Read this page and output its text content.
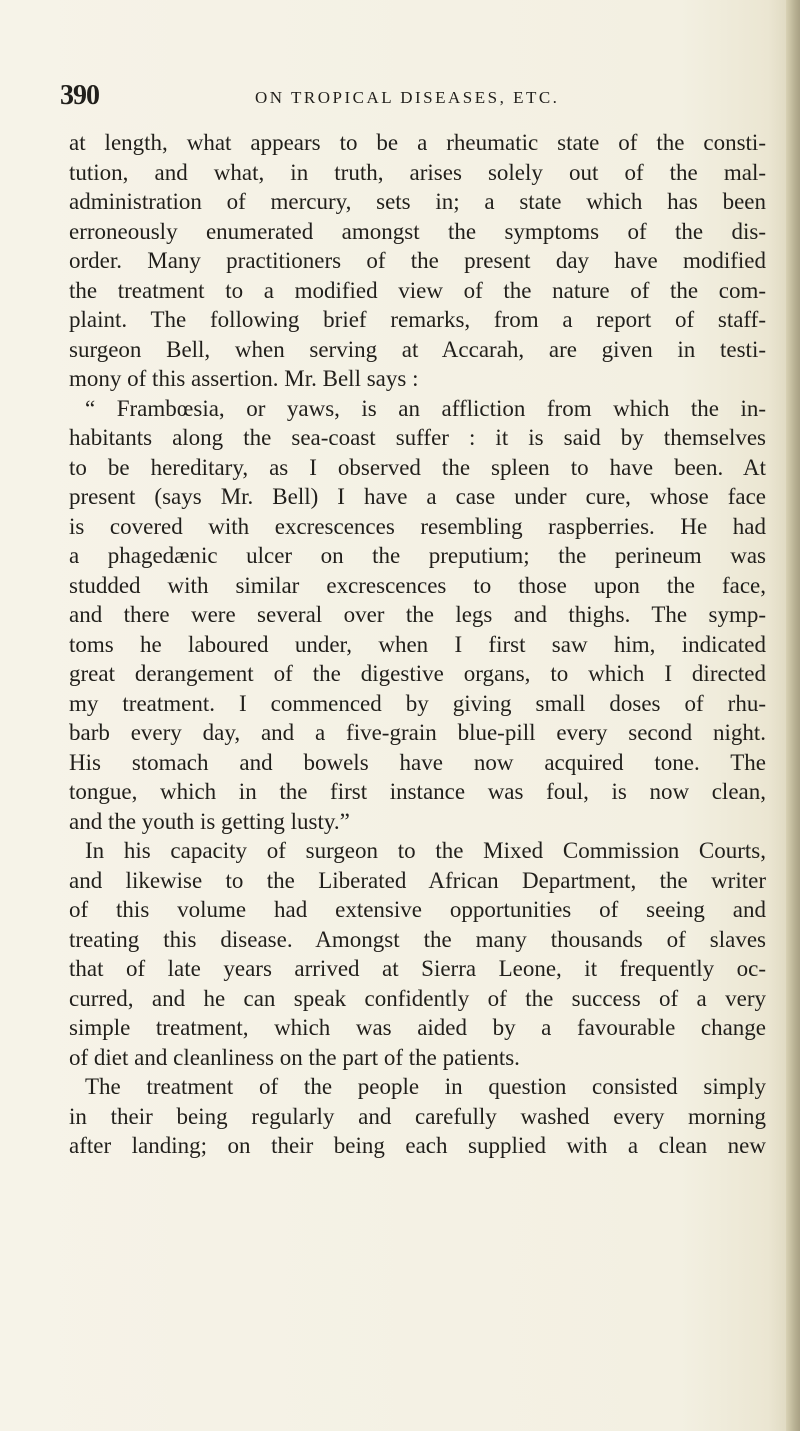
390	ON TROPICAL DISEASES, ETC.
at length, what appears to be a rheumatic state of the consti-
tution, and what, in truth, arises solely out of the mal-
administration of mercury, sets in; a state which has been
erroneously enumerated amongst the symptoms of the dis-
order. Many practitioners of the present day have modified
the treatment to a modified view of the nature of the com-
plaint. The following brief remarks, from a report of staff-
surgeon Bell, when serving at Accarah, are given in testi-
mony of this assertion. Mr. Bell says :
“ Frambœsia, or yaws, is an affliction from which the in-
habitants along the sea-coast suffer : it is said by themselves
to be hereditary, as I observed the spleen to have been. At
present (says Mr. Bell) I have a case under cure, whose face
is covered with excrescences resembling raspberries. He had
a phagedænic ulcer on the preputium; the perineum was
studded with similar excrescences to those upon the face,
and there were several over the legs and thighs. The symp-
toms he laboured under, when I first saw him, indicated
great derangement of the digestive organs, to which I directed
my treatment. I commenced by giving small doses of rhu-
barb every day, and a five-grain blue-pill every second night.
His stomach and bowels have now acquired tone. The
tongue, which in the first instance was foul, is now clean,
and the youth is getting lusty.”
In his capacity of surgeon to the Mixed Commission Courts,
and likewise to the Liberated African Department, the writer
of this volume had extensive opportunities of seeing and
treating this disease. Amongst the many thousands of slaves
that of late years arrived at Sierra Leone, it frequently oc-
curred, and he can speak confidently of the success of a very
simple treatment, which was aided by a favourable change
of diet and cleanliness on the part of the patients.
The treatment of the people in question consisted simply
in their being regularly and carefully washed every morning
after landing; on their being each supplied with a clean new
